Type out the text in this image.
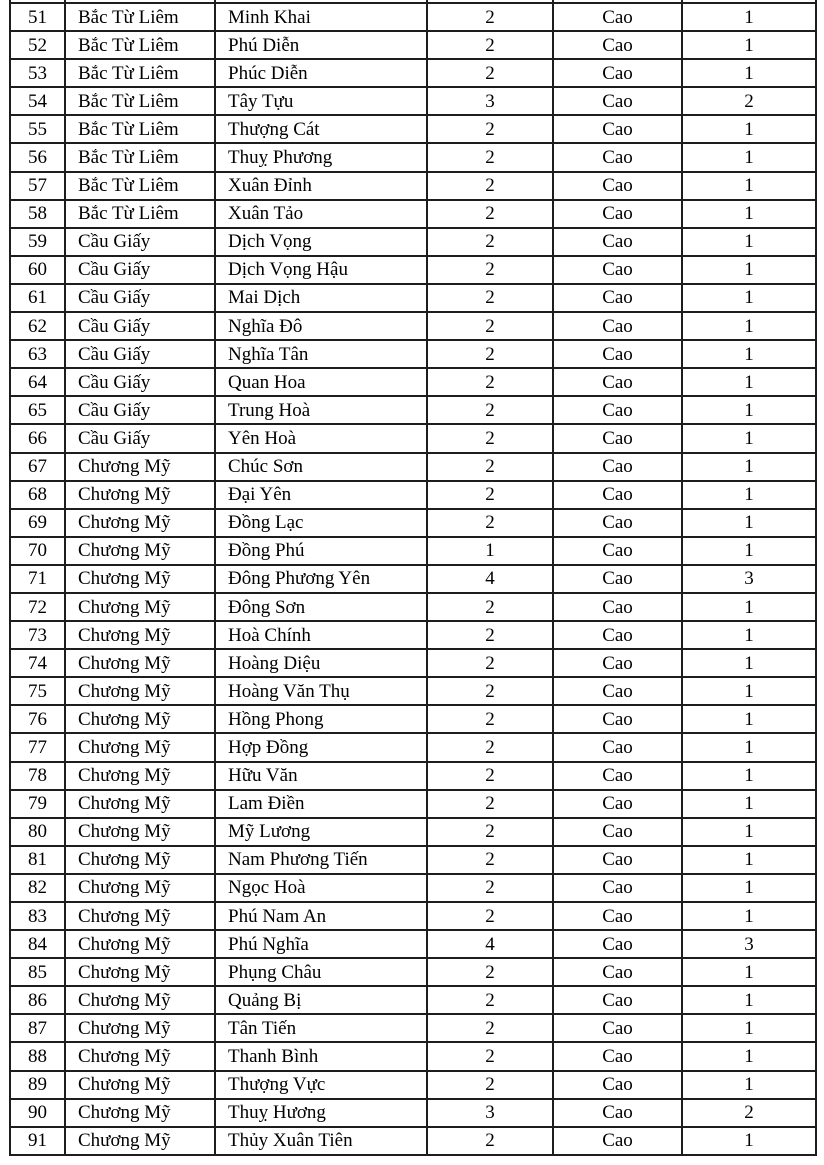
51	Bắc Từ Liêm	Minh Khai	2	Cao	1
52	Bắc Từ Liêm	Phú Diễn	2	Cao	1
53	Bắc Từ Liêm	Phúc Diễn	2	Cao	1
54	Bắc Từ Liêm	Tây Tựu	3	Cao	2
55	Bắc Từ Liêm	Thượng Cát	2	Cao	1
56	Bắc Từ Liêm	Thuỵ Phương	2	Cao	1
57	Bắc Từ Liêm	Xuân Đỉnh	2	Cao	1
58	Bắc Từ Liêm	Xuân Tảo	2	Cao	1
59	Cầu Giấy	Dịch Vọng	2	Cao	1
60	Cầu Giấy	Dịch Vọng Hậu	2	Cao	1
61	Cầu Giấy	Mai Dịch	2	Cao	1
62	Cầu Giấy	Nghĩa Đô	2	Cao	1
63	Cầu Giấy	Nghĩa Tân	2	Cao	1
64	Cầu Giấy	Quan Hoa	2	Cao	1
65	Cầu Giấy	Trung Hoà	2	Cao	1
66	Cầu Giấy	Yên Hoà	2	Cao	1
67	Chương Mỹ	Chúc Sơn	2	Cao	1
68	Chương Mỹ	Đại Yên	2	Cao	1
69	Chương Mỹ	Đồng Lạc	2	Cao	1
70	Chương Mỹ	Đồng Phú	1	Cao	1
71	Chương Mỹ	Đông Phương Yên	4	Cao	3
72	Chương Mỹ	Đông Sơn	2	Cao	1
73	Chương Mỹ	Hoà Chính	2	Cao	1
74	Chương Mỹ	Hoàng Diệu	2	Cao	1
75	Chương Mỹ	Hoàng Văn Thụ	2	Cao	1
76	Chương Mỹ	Hồng Phong	2	Cao	1
77	Chương Mỹ	Hợp Đồng	2	Cao	1
78	Chương Mỹ	Hữu Văn	2	Cao	1
79	Chương Mỹ	Lam Điền	2	Cao	1
80	Chương Mỹ	Mỹ Lương	2	Cao	1
81	Chương Mỹ	Nam Phương Tiến	2	Cao	1
82	Chương Mỹ	Ngọc Hoà	2	Cao	1
83	Chương Mỹ	Phú Nam An	2	Cao	1
84	Chương Mỹ	Phú Nghĩa	4	Cao	3
85	Chương Mỹ	Phụng Châu	2	Cao	1
86	Chương Mỹ	Quảng Bị	2	Cao	1
87	Chương Mỹ	Tân Tiến	2	Cao	1
88	Chương Mỹ	Thanh Bình	2	Cao	1
89	Chương Mỹ	Thượng Vực	2	Cao	1
90	Chương Mỹ	Thuỵ Hương	3	Cao	2
91	Chương Mỹ	Thủy Xuân Tiên	2	Cao	1
